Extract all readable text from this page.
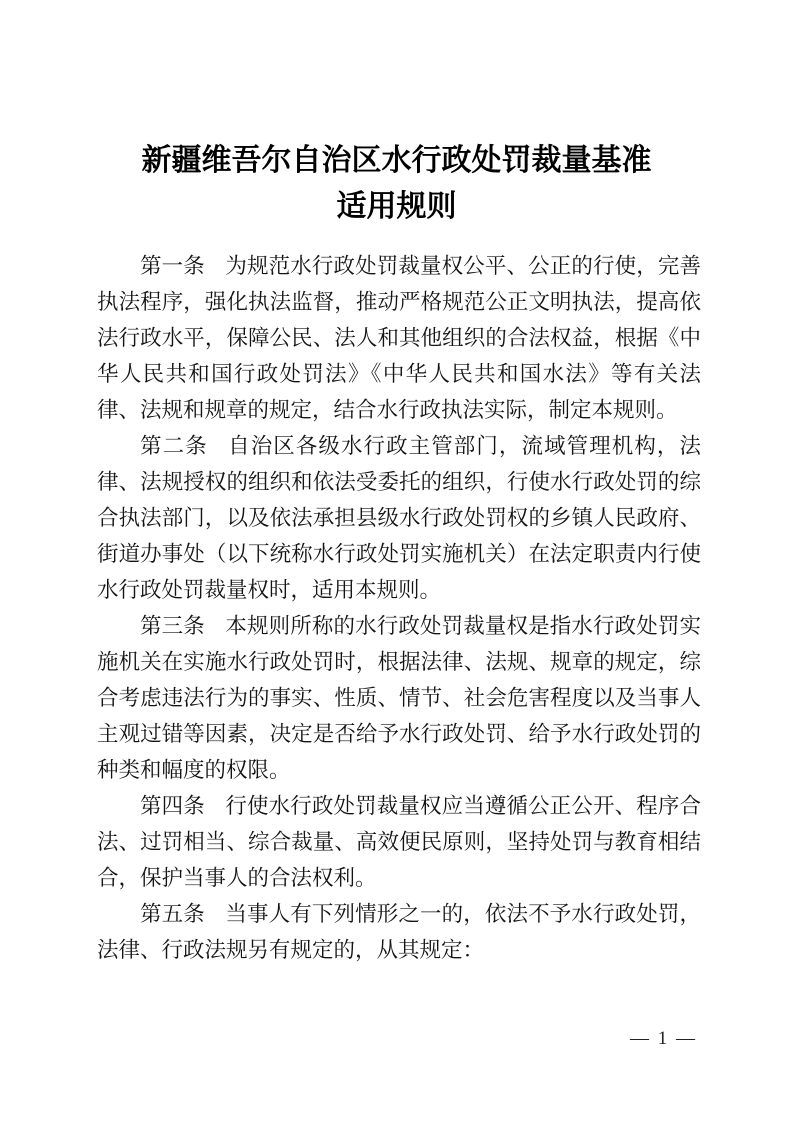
新疆维吾尔自治区水行政处罚裁量基准
适用规则

第一条 为规范水行政处罚裁量权公平、公正的行使，完善执法程序，强化执法监督，推动严格规范公正文明执法，提高依法行政水平，保障公民、法人和其他组织的合法权益，根据《中华人民共和国行政处罚法》《中华人民共和国水法》等有关法律、法规和规章的规定，结合水行政执法实际，制定本规则。

第二条 自治区各级水行政主管部门，流域管理机构，法律、法规授权的组织和依法受委托的组织，行使水行政处罚的综合执法部门，以及依法承担县级水行政处罚权的乡镇人民政府、街道办事处（以下统称水行政处罚实施机关）在法定职责内行使水行政处罚裁量权时，适用本规则。

第三条 本规则所称的水行政处罚裁量权是指水行政处罚实施机关在实施水行政处罚时，根据法律、法规、规章的规定，综合考虑违法行为的事实、性质、情节、社会危害程度以及当事人主观过错等因素，决定是否给予水行政处罚、给予水行政处罚的种类和幅度的权限。

第四条 行使水行政处罚裁量权应当遵循公正公开、程序合法、过罚相当、综合裁量、高效便民原则，坚持处罚与教育相结合，保护当事人的合法权利。

第五条 当事人有下列情形之一的，依法不予水行政处罚，法律、行政法规另有规定的，从其规定：

— 1 —
